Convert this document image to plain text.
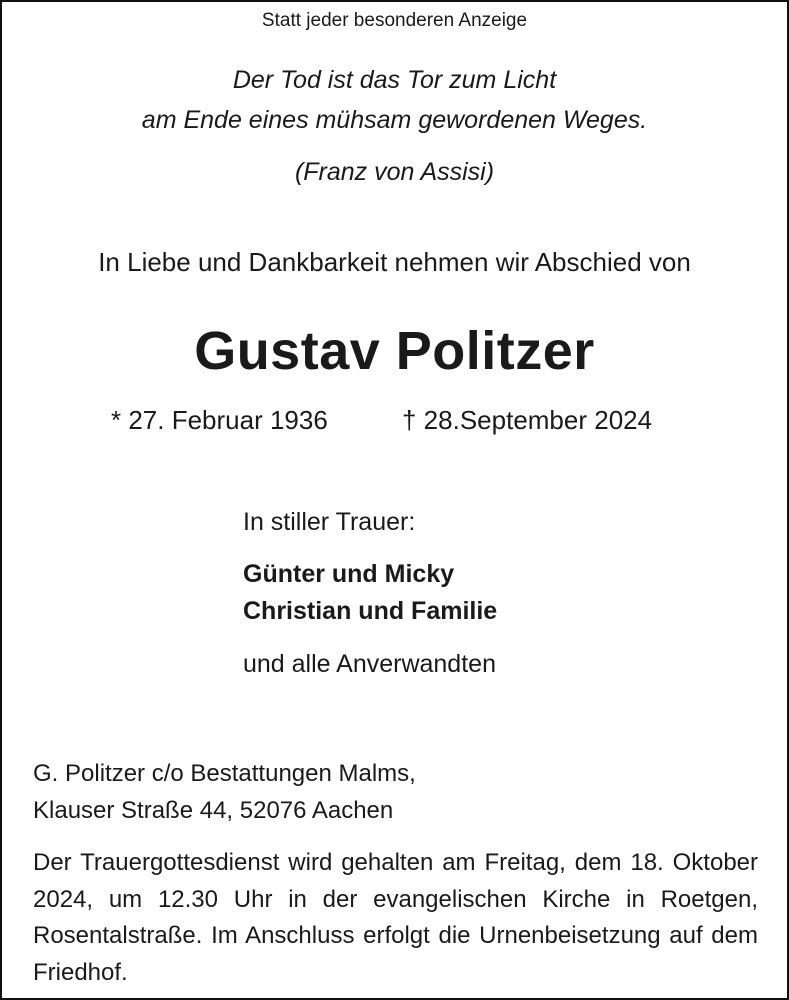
Statt jeder besonderen Anzeige
Der Tod ist das Tor zum Licht
am Ende eines mühsam gewordenen Weges.
(Franz von Assisi)
In Liebe und Dankbarkeit nehmen wir Abschied von
Gustav Politzer
* 27. Februar 1936	† 28.September 2024
In stiller Trauer:
Günter und Micky
Christian und Familie
und alle Anverwandten
G. Politzer c/o Bestattungen Malms,
Klauser Straße 44, 52076 Aachen
Der Trauergottesdienst wird gehalten am Freitag, dem 18. Oktober 2024, um 12.30 Uhr in der evangelischen Kirche in Roetgen, Rosentalstraße. Im Anschluss erfolgt die Urnenbeisetzung auf dem Friedhof.
